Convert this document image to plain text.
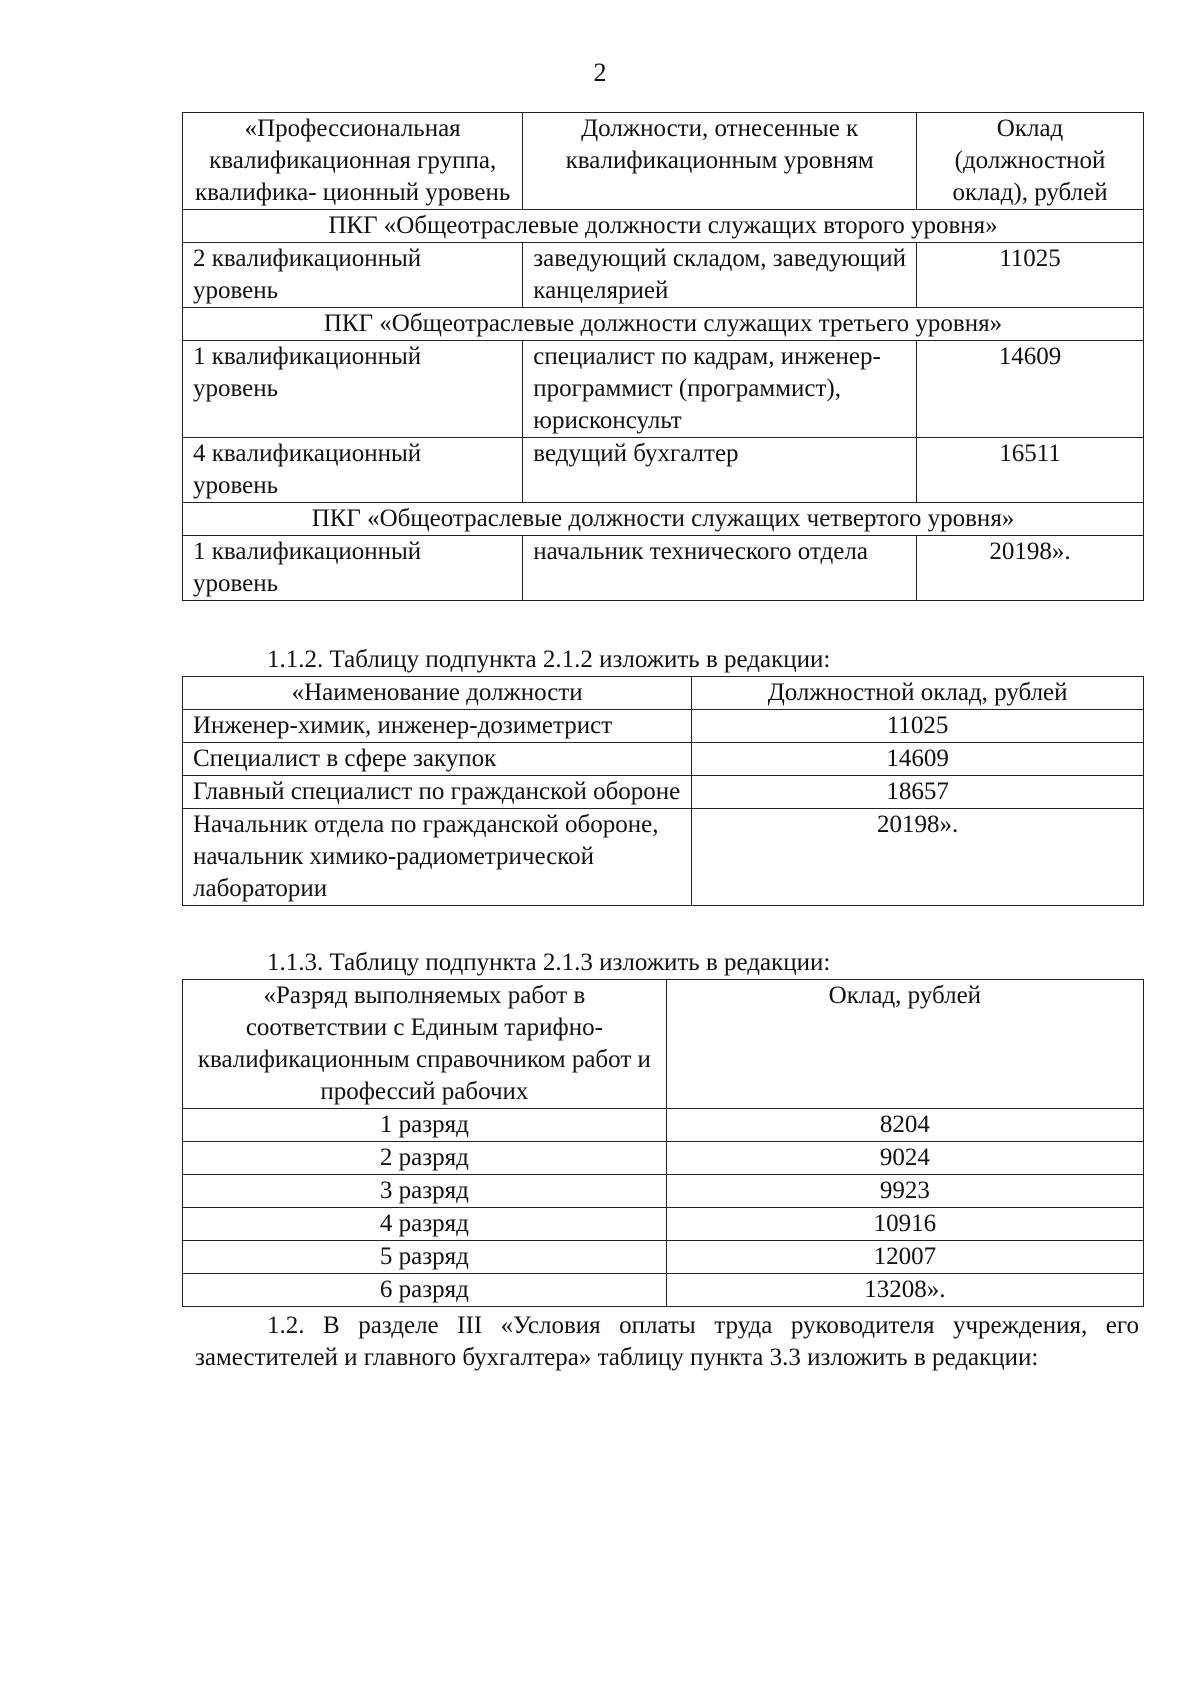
2
«Профессиональная квалификационная группа, квалифика- ционный уровень	Должности, отнесенные к квалификационным уровням	Оклад (должностной оклад), рублей
ПКГ «Общеотраслевые должности служащих второго уровня»		
2 квалификационный уровень	заведующий складом, заведующий канцелярией	11025
ПКГ «Общеотраслевые должности служащих третьего уровня»		
1 квалификационный уровень	специалист по кадрам, инженер-программист (программист), юрисконсульт	14609
4 квалификационный уровень	ведущий бухгалтер	16511
ПКГ «Общеотраслевые должности служащих четвертого уровня»		
1 квалификационный уровень	начальник технического отдела	20198».
1.1.2. Таблицу подпункта 2.1.2 изложить в редакции:
«Наименование должности	Должностной оклад, рублей
Инженер-химик, инженер-дозиметрист	11025
Специалист в сфере закупок	14609
Главный специалист по гражданской обороне	18657
Начальник отдела по гражданской обороне, начальник химико-радиометрической лаборатории	20198».
1.1.3. Таблицу подпункта 2.1.3 изложить в редакции:
«Разряд выполняемых работ в соответствии с Единым тарифно-квалификационным справочником работ и профессий рабочих	Оклад, рублей
1 разряд	8204
2 разряд	9024
3 разряд	9923
4 разряд	10916
5 разряд	12007
6 разряд	13208».
1.2. В разделе III «Условия оплаты труда руководителя учреждения, его заместителей и главного бухгалтера» таблицу пункта 3.3 изложить в редакции:
